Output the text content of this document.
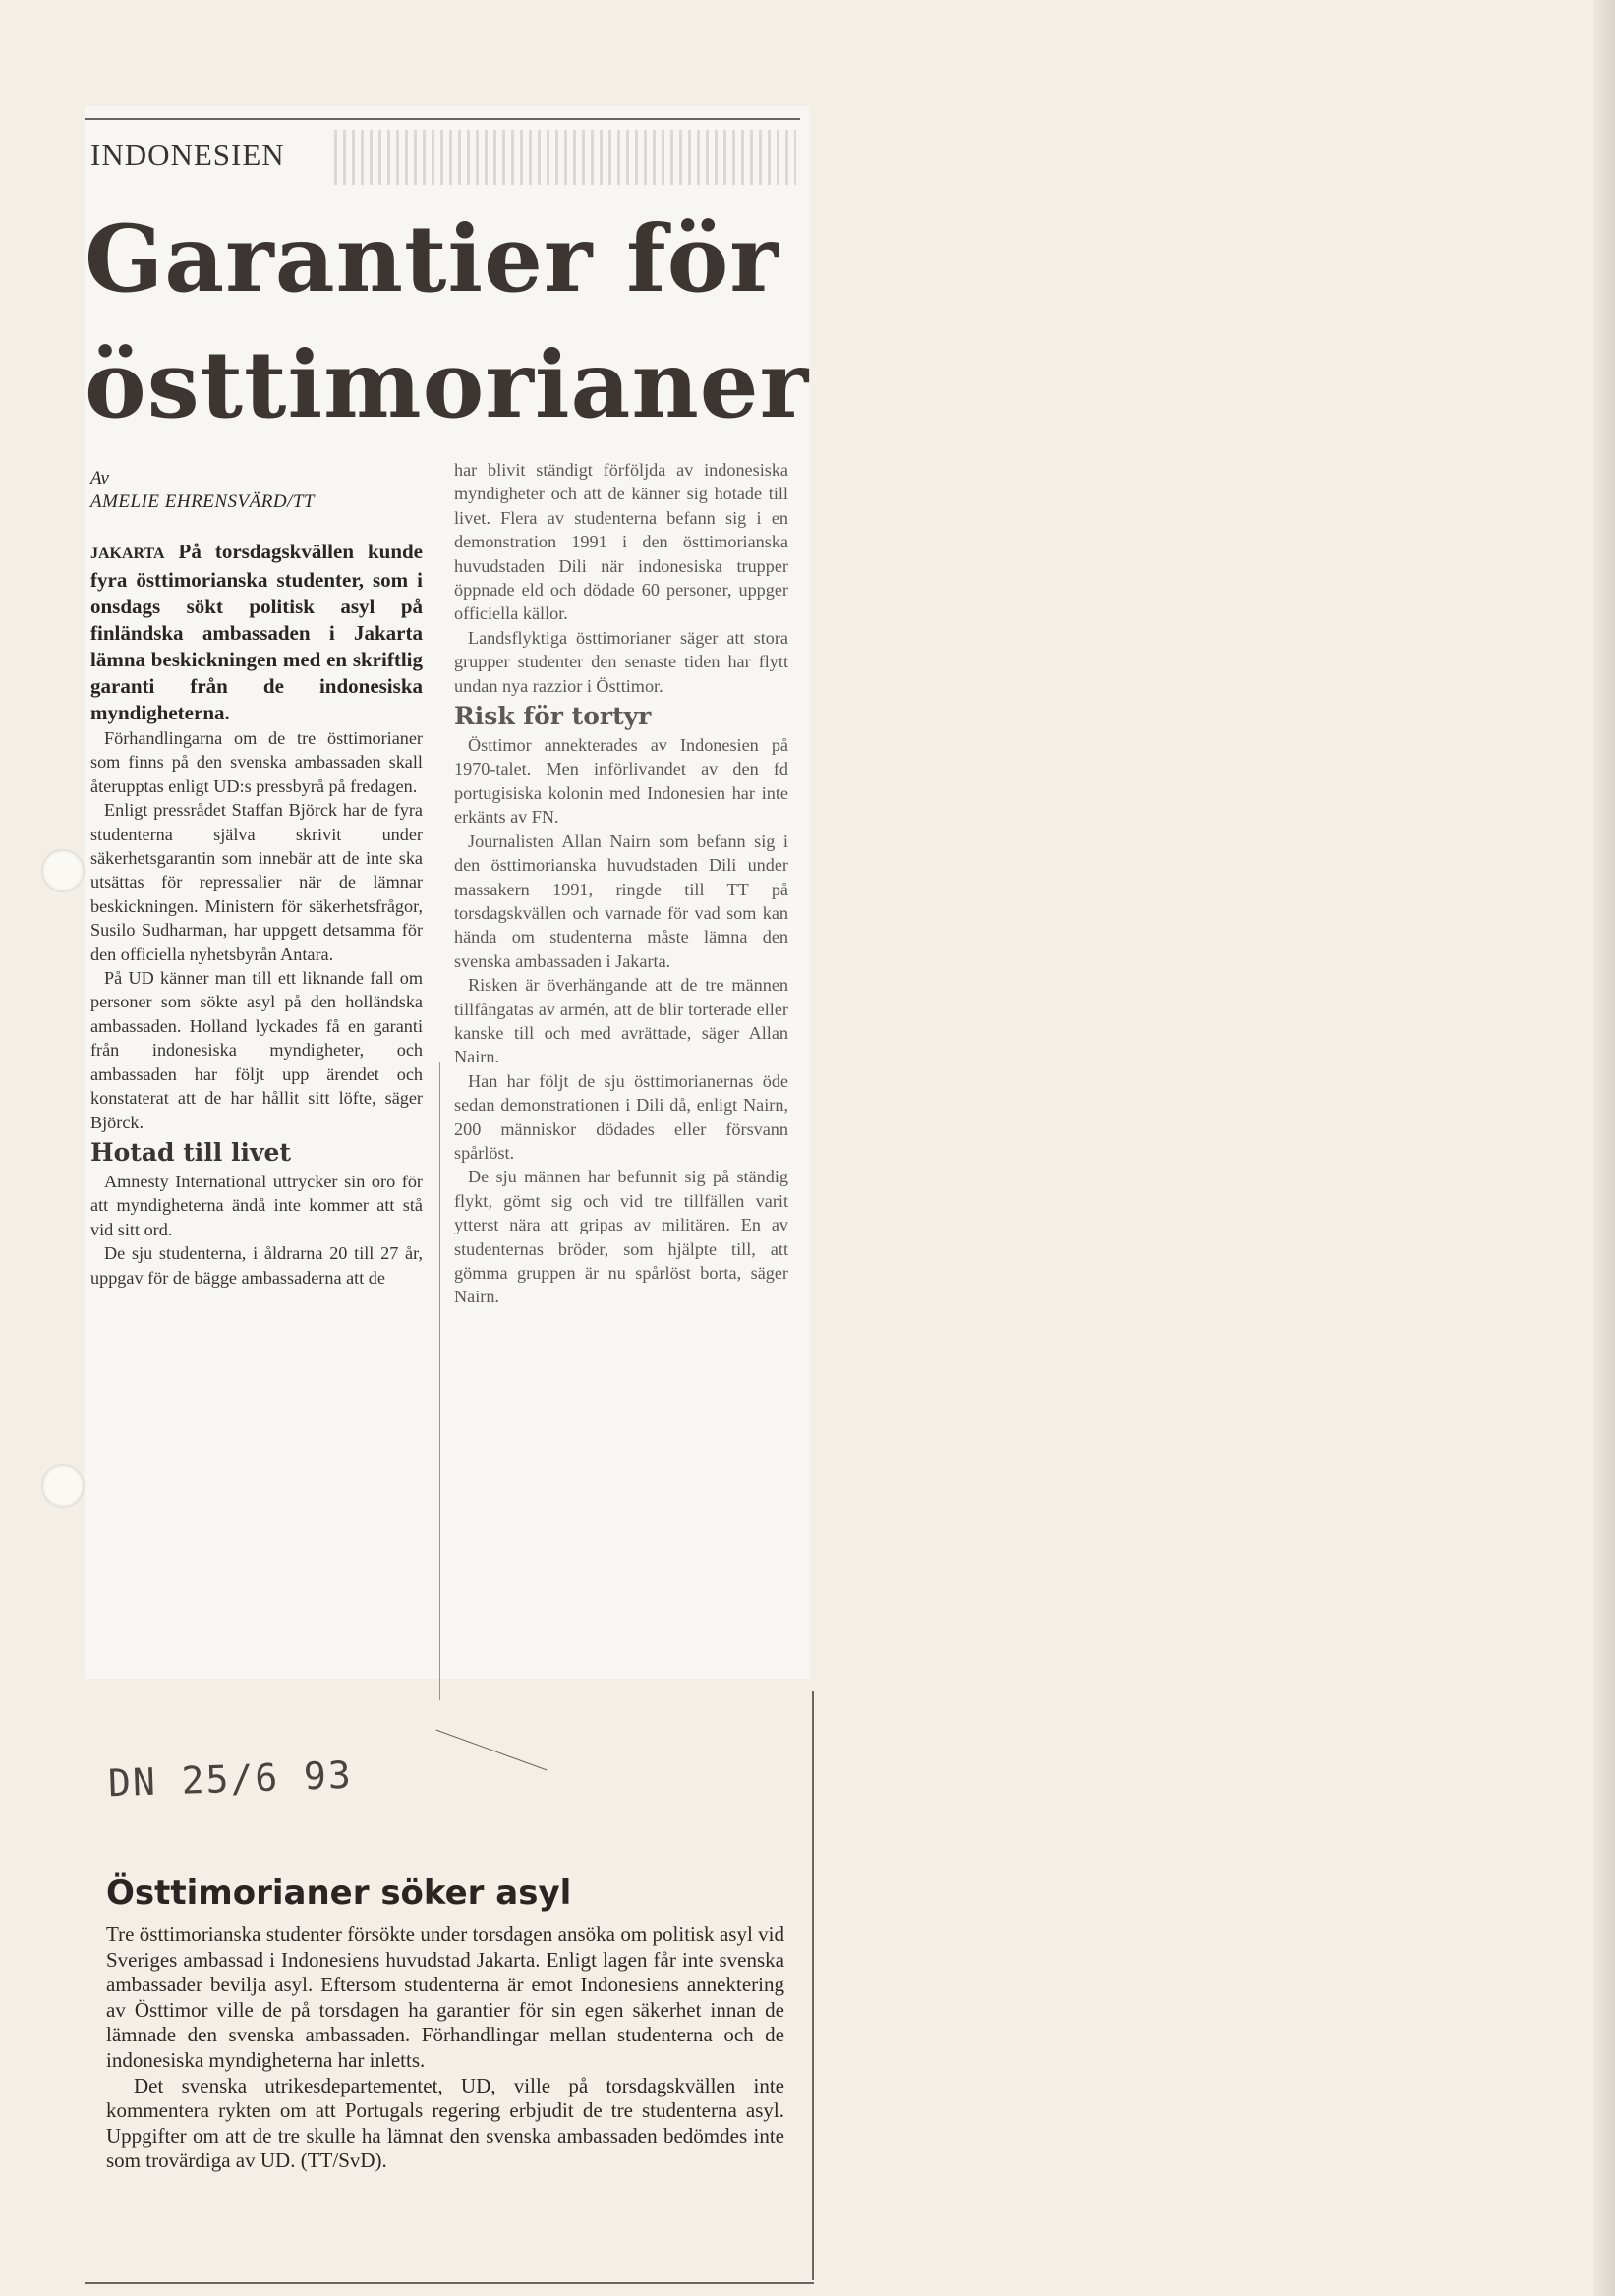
INDONESIEN
Garantier för
östtimorianer
Av
AMELIE EHRENSVÄRD/TT

JAKARTA På torsdagskvällen kunde fyra östtimorianska studenter, som i onsdags sökt politisk asyl på finländska ambassaden i Jakarta lämna beskickningen med en skriftlig garanti från de indonesiska myndigheterna.

Förhandlingarna om de tre östtimorianer som finns på den svenska ambassaden skall återupptas enligt UD:s pressbyrå på fredagen.

Enligt pressrådet Staffan Björck har de fyra studenterna själva skrivit under säkerhetsgarantin som innebär att de inte ska utsättas för repressalier när de lämnar beskickningen. Ministern för säkerhetsfrågor, Susilo Sudharman, har uppgett detsamma för den officiella nyhetsbyrån Antara.

På UD känner man till ett liknande fall om personer som sökte asyl på den holländska ambassaden. Holland lyckades få en garanti från indonesiska myndigheter, och ambassaden har följt upp ärendet och konstaterat att de har hållit sitt löfte, säger Björck.

Hotad till livet

Amnesty International uttrycker sin oro för att myndigheterna ändå inte kommer att stå vid sitt ord.

De sju studenterna, i åldrarna 20 till 27 år, uppgav för de bägge ambassaderna att de

har blivit ständigt förföljda av indonesiska myndigheter och att de känner sig hotade till livet. Flera av studenterna befann sig i en demonstration 1991 i den östtimorianska huvudstaden Dili när indonesiska trupper öppnade eld och dödade 60 personer, uppger officiella källor.

Landsflyktiga östtimorianer säger att stora grupper studenter den senaste tiden har flytt undan nya razzior i Östtimor.

Risk för tortyr

Östtimor annekterades av Indonesien på 1970-talet. Men införlivandet av den fd portugisiska kolonin med Indonesien har inte erkänts av FN.

Journalisten Allan Nairn som befann sig i den östtimorianska huvudstaden Dili under massakern 1991, ringde till TT på torsdagskvällen och varnade för vad som kan hända om studenterna måste lämna den svenska ambassaden i Jakarta.

Risken är överhängande att de tre männen tillfångatas av armén, att de blir torterade eller kanske till och med avrättade, säger Allan Nairn.

Han har följt de sju östtimorianernas öde sedan demonstrationen i Dili då, enligt Nairn, 200 människor dödades eller försvann spårlöst.

De sju männen har befunnit sig på ständig flykt, gömt sig och vid tre tillfällen varit ytterst nära att gripas av militären. En av studenternas bröder, som hjälpte till, att gömma gruppen är nu spårlöst borta, säger Nairn.

DN 25/6 93
Östtimorianer söker asyl

Tre östtimorianska studenter försökte under torsdagen ansöka om politisk asyl vid Sveriges ambassad i Indonesiens huvudstad Jakarta. Enligt lagen får inte svenska ambassader bevilja asyl. Eftersom studenterna är emot Indonesiens annektering av Östtimor ville de på torsdagen ha garantier för sin egen säkerhet innan de lämnade den svenska ambassaden. Förhandlingar mellan studenterna och de indonesiska myndigheterna har inletts.

Det svenska utrikesdepartementet, UD, ville på torsdagskvällen inte kommentera rykten om att Portugals regering erbjudit de tre studenterna asyl. Uppgifter om att de tre skulle ha lämnat den svenska ambassaden bedömdes inte som trovärdiga av UD. (TT/SvD).
